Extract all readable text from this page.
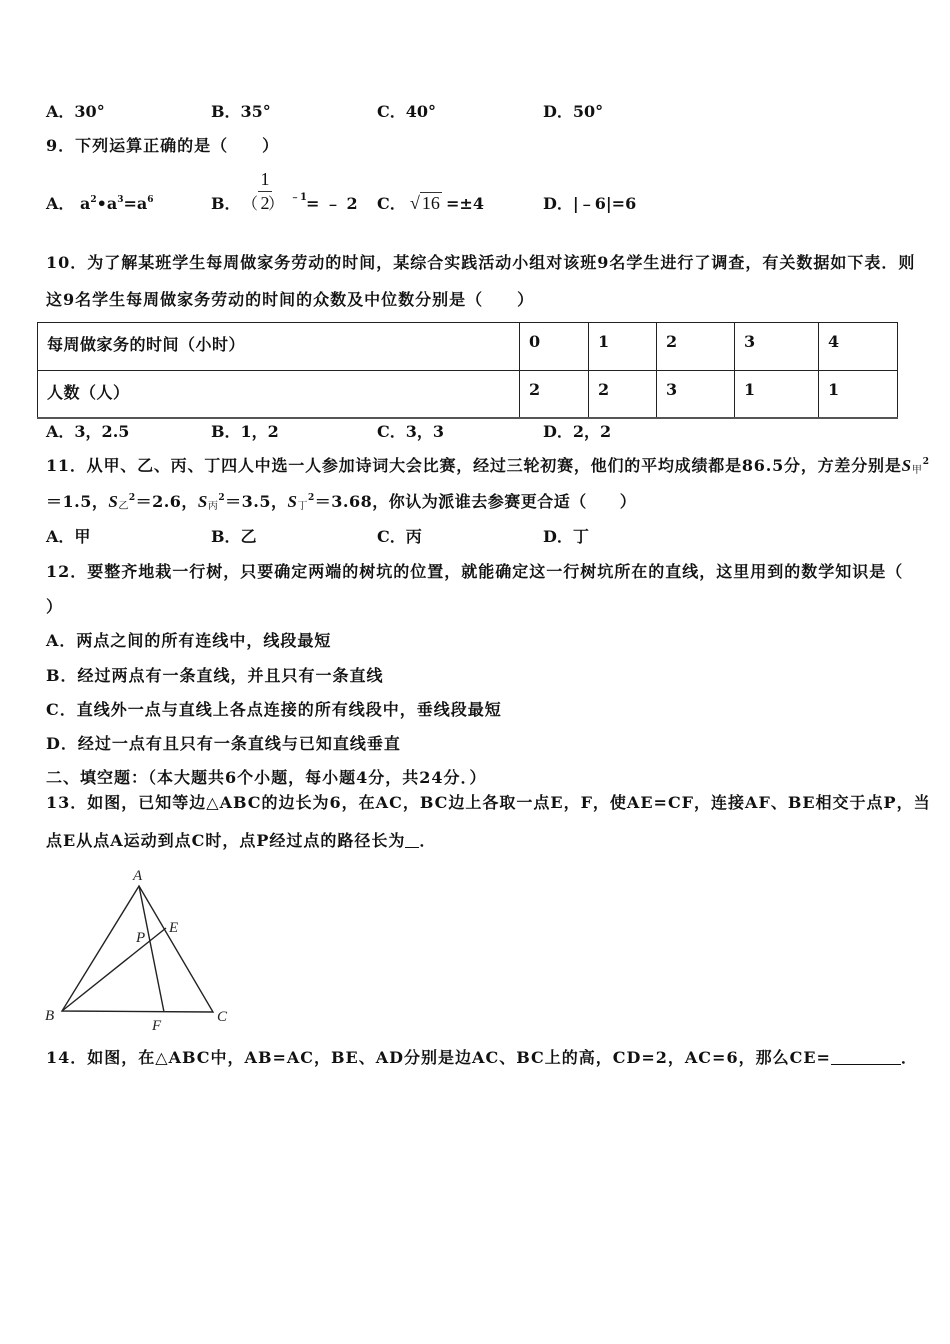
A．30°	B．35°	C．40°	D．50°
9．下列运算正确的是（　　）
A． $a^2•a^3=a^6$	B． （
1
2
） ﹣1 = ﹣ 2 C． √ 16 =±4	D．|﹣6|=6
10．为了解某班学生每周做家务劳动的时间，某综合实践活动小组对该班9名学生进行了调查，有关数据如下表．则
这9名学生每周做家务劳动的时间的众数及中位数分别是（　　）
每周做家务的时间（小时）	0	1	2	3	4
人数（人）	2	2	3	1	1
A．3，2.5	B．1，2	C．3，3	D．2，2
11．从甲、乙、丙、丁四人中选一人参加诗词大会比赛，经过三轮初赛，他们的平均成绩都是86.5分，方差分别是$S_甲^2$
＝1.5，$S_乙^2=2.6$，$S_丙^2=3.5$，$S_丁^2=3.68$，你认为派谁去参赛更合适（　　）
A．甲	B．乙	C．丙	D．丁
12．要整齐地栽一行树，只要确定两端的树坑的位置，就能确定这一行树坑所在的直线，这里用到的数学知识是（
）
A．两点之间的所有连线中，线段最短
B．经过两点有一条直线，并且只有一条直线
C．直线外一点与直线上各点连接的所有线段中，垂线段最短
D．经过一点有且只有一条直线与已知直线垂直
二、填空题：（本大题共6个小题，每小题4分，共24分．）
13．如图，已知等边△ABC的边长为6，在AC，BC边上各取一点E，F，使AE=CF，连接AF、BE相交于点P，当
点E从点A运动到点C时，点P经过点的路径长为 ．
A
E
P
B
F
C
14．如图，在△ABC中，AB=AC，BE、AD分别是边AC、BC上的高，CD=2，AC=6，那么CE=	．
